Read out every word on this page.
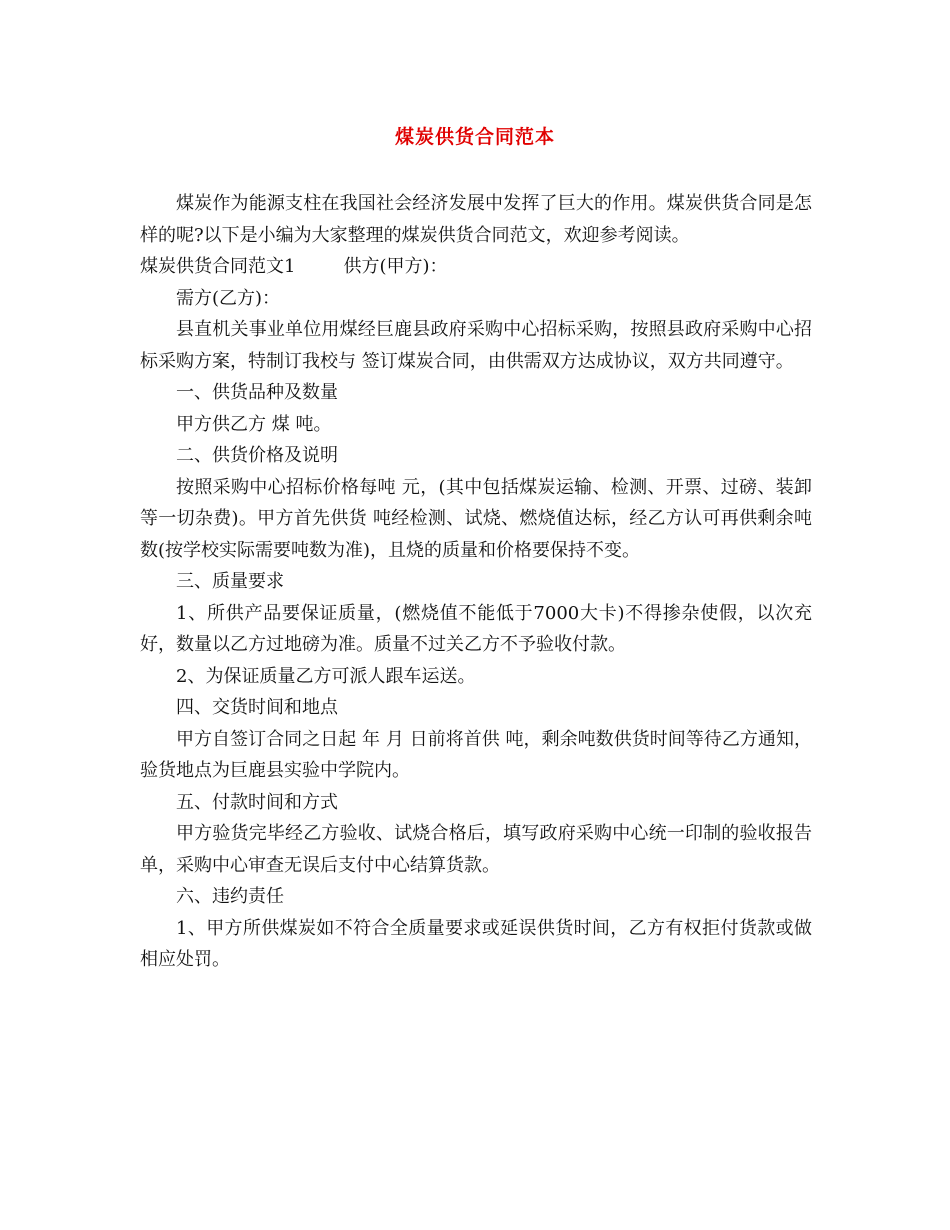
煤炭供货合同范本

煤炭作为能源支柱在我国社会经济发展中发挥了巨大的作用。煤炭供货合同是怎样的呢?以下是小编为大家整理的煤炭供货合同范文，欢迎参考阅读。

煤炭供货合同范文1	供方(甲方)：

需方(乙方)：

县直机关事业单位用煤经巨鹿县政府采购中心招标采购，按照县政府采购中心招标采购方案，特制订我校与 签订煤炭合同，由供需双方达成协议，双方共同遵守。

一、供货品种及数量

甲方供乙方 煤 吨。

二、供货价格及说明

按照采购中心招标价格每吨 元，(其中包括煤炭运输、检测、开票、过磅、装卸等一切杂费)。甲方首先供货 吨经检测、试烧、燃烧值达标，经乙方认可再供剩余吨数(按学校实际需要吨数为准)，且烧的质量和价格要保持不变。

三、质量要求

1、所供产品要保证质量，(燃烧值不能低于7000大卡)不得掺杂使假，以次充好，数量以乙方过地磅为准。质量不过关乙方不予验收付款。

2、为保证质量乙方可派人跟车运送。

四、交货时间和地点

甲方自签订合同之日起 年 月 日前将首供 吨，剩余吨数供货时间等待乙方通知，验货地点为巨鹿县实验中学院内。

五、付款时间和方式

甲方验货完毕经乙方验收、试烧合格后，填写政府采购中心统一印制的验收报告单，采购中心审查无误后支付中心结算货款。

六、违约责任

1、甲方所供煤炭如不符合全质量要求或延误供货时间，乙方有权拒付货款或做相应处罚。
